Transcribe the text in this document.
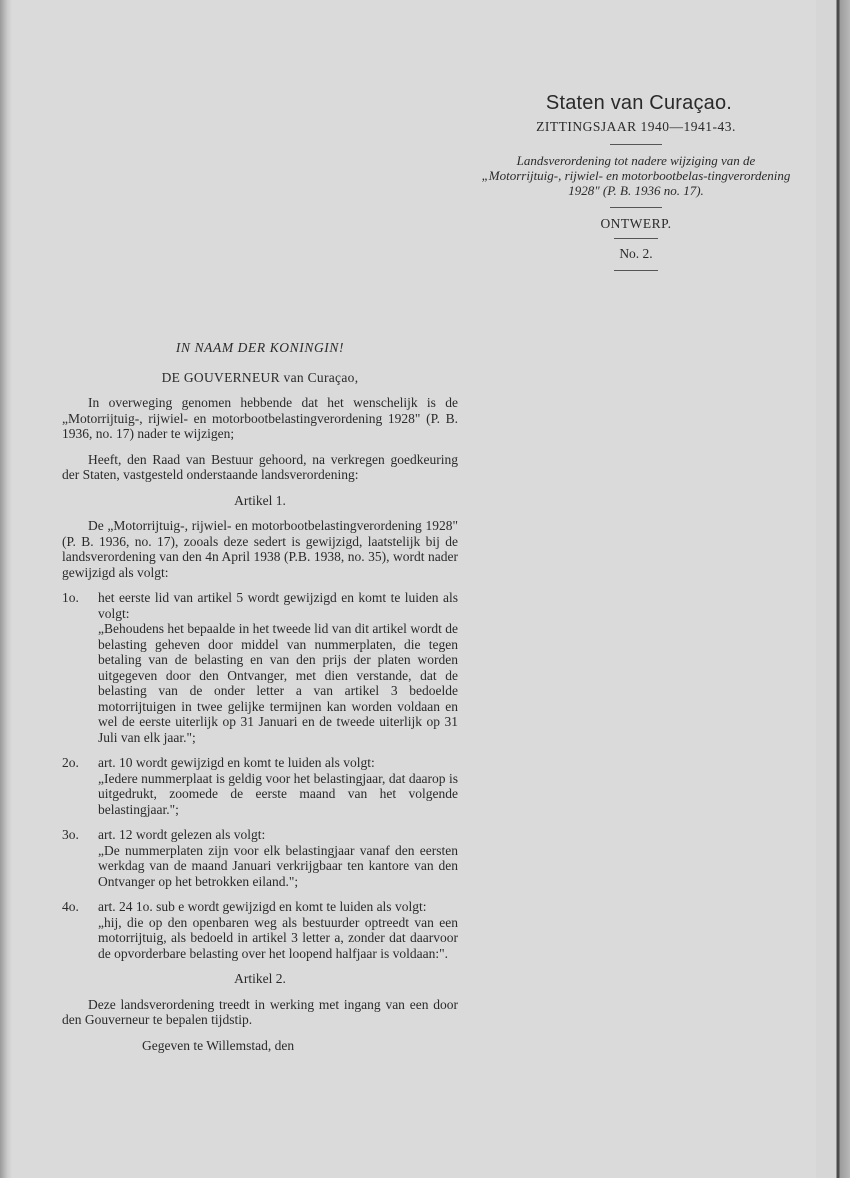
Staten van Curaçao.

ZITTINGSJAAR 1940—1941-43.

Landsverordening tot nadere wijziging van de „Motorrijtuig-, rijwiel- en motorbootbelas-tingverordening 1928" (P. B. 1936 no. 17).

ONTWERP.

No. 2.

IN NAAM DER KONINGIN!

DE GOUVERNEUR van Curaçao,

In overweging genomen hebbende dat het wenschelijk is de „Motorrijtuig-, rijwiel- en motorbootbelastingverordening 1928" (P. B. 1936, no. 17) nader te wijzigen;

Heeft, den Raad van Bestuur gehoord, na verkregen goedkeuring der Staten, vastgesteld onderstaande landsverordening:

Artikel 1.

De „Motorrijtuig-, rijwiel- en motorbootbelastingverordening 1928" (P. B. 1936, no. 17), zooals deze sedert is gewijzigd, laatstelijk bij de landsverordening van den 4n April 1938 (P.B. 1938, no. 35), wordt nader gewijzigd als volgt:

1o. het eerste lid van artikel 5 wordt gewijzigd en komt te luiden als volgt:

„Behoudens het bepaalde in het tweede lid van dit artikel wordt de belasting geheven door middel van nummerplaten, die tegen betaling van de belasting en van den prijs der platen worden uitgegeven door den Ontvanger, met dien verstande, dat de belasting van de onder letter a van artikel 3 bedoelde motorrijtuigen in twee gelijke termijnen kan worden voldaan en wel de eerste uiterlijk op 31 Januari en de tweede uiterlijk op 31 Juli van elk jaar.";

2o. art. 10 wordt gewijzigd en komt te luiden als volgt:

„Iedere nummerplaat is geldig voor het belastingjaar, dat daarop is uitgedrukt, zoomede de eerste maand van het volgende belastingjaar.";

3o. art. 12 wordt gelezen als volgt:

„De nummerplaten zijn voor elk belastingjaar vanaf den eersten werkdag van de maand Januari verkrijgbaar ten kantore van den Ontvanger op het betrokken eiland.";

4o. art. 24 1o. sub e wordt gewijzigd en komt te luiden als volgt:

„hij, die op den openbaren weg als bestuurder optreedt van een motorrijtuig, als bedoeld in artikel 3 letter a, zonder dat daarvoor de opvorderbare belasting over het loopend halfjaar is voldaan:".

Artikel 2.

Deze landsverordening treedt in werking met ingang van een door den Gouverneur te bepalen tijdstip.

Gegeven te Willemstad, den
